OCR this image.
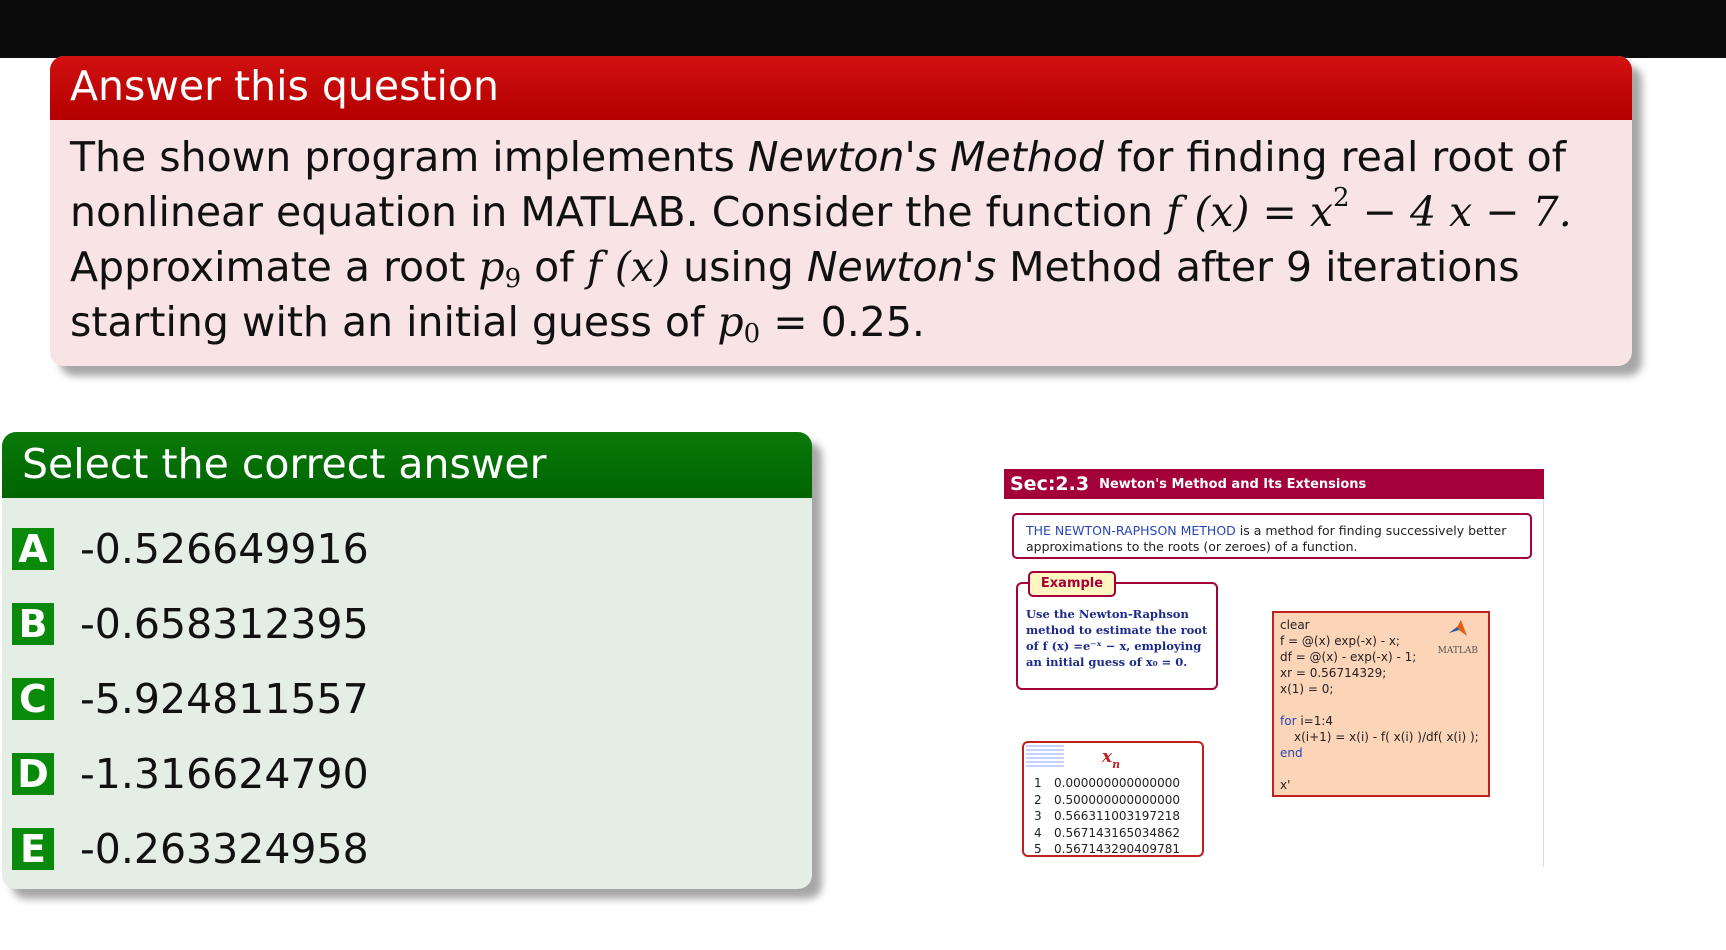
Answer this question
The shown program implements Newton's Method for finding real root of
nonlinear equation in MATLAB. Consider the function f $(x) = x^2 - 4$ x − 7.
Approximate a root $p_9$ of f (x) using Newton's Method after 9 iterations
starting with an initial guess of $p_0 = 0.25$.
Select the correct answer
A -0.526649916
B -0.658312395
C -5.924811557
D -1.316624790
E -0.263324958
Sec:2.3 Newton's Method and Its Extensions
THE NEWTON-RAPHSON METHOD is a method for finding successively better approximations to the roots (or zeroes) of a function.
Use the Newton-Raphson method to estimate the root of f (x) =e⁻ˣ − x, employing an initial guess of x₀ = 0.
Example
clear
f = @(x) exp(-x) - x;
df = @(x) - exp(-x) - 1;
xr = 0.56714329;
x(1) = 0;
for i=1:4
x(i+1) = x(i) - f( x(i) )/df( x(i) );
end
x'
MATLAB
$x_n$
1 0.000000000000000
2 0.500000000000000
3 0.566311003197218
4 0.567143165034862
5 0.567143290409781
